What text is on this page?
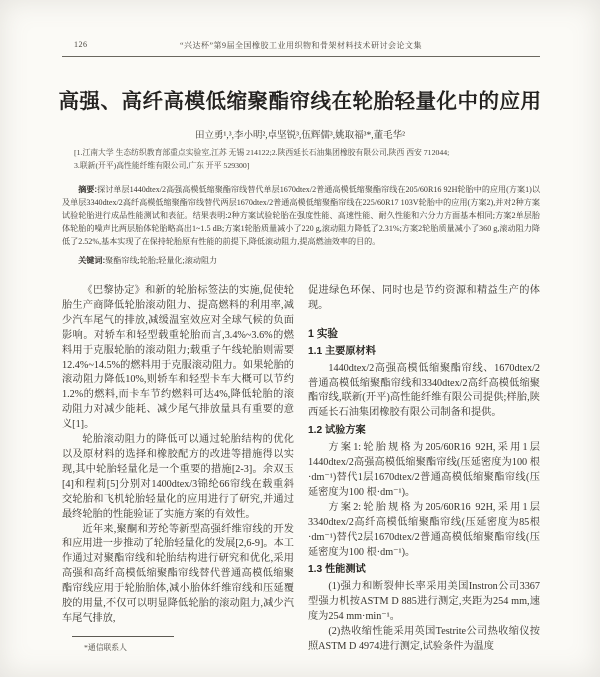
126	“兴达杯”第9届全国橡胶工业用织物和骨架材料技术研讨会论文集
高强、高纤高模低缩聚酯帘线在轮胎轻量化中的应用
田立勇¹,³,李小明²,卓坚锐³,伍辉儒³,姚取福³*,董毛华²
[1.江南大学 生态纺织教育部重点实验室,江苏 无锡 214122;2.陕西延长石油集团橡胶有限公司,陕西 西安 712044;
3.联新(开平)高性能纤维有限公司,广东 开平 529300]

摘要:探讨单层1440dtex/2高强高模低缩聚酯帘线替代单层1670dtex/2普通高模低缩聚酯帘线在205/60R16 92H轮胎中的应用(方案1)以及单层3340dtex/2高纤高模低缩聚酯帘线替代两层1670dtex/2普通高模低缩聚酯帘线在225/60R17 103V轮胎中的应用(方案2),并对2种方案试验轮胎进行成品性能测试和表征。结果表明:2种方案试验轮胎在强度性能、高速性能、耐久性能和六分力方面基本相同;方案2单层胎体轮胎的噪声比两层胎体轮胎略高出1~1.5 dB;方案1轮胎质量减小了220 g,滚动阻力降低了2.31%;方案2轮胎质量减小了360 g,滚动阻力降低了2.52%,基本实现了在保持轮胎原有性能的前提下,降低滚动阻力,提高燃油效率的目的。

关键词:聚酯帘线;轮胎;轻量化;滚动阻力

《巴黎协定》和新的轮胎标签法的实施,促使轮胎生产商降低轮胎滚动阻力、提高燃料的利用率,减少汽车尾气的排放,减缓温室效应对全球气候的负面影响。对轿车和轻型载重轮胎而言,3.4%~3.6%的燃料用于克服轮胎的滚动阻力;载重子午线轮胎则需要12.4%~14.5%的燃料用于克服滚动阻力。如果轮胎的滚动阻力降低10%,则轿车和轻型卡车大概可以节约1.2%的燃料,而卡车节约燃料可达4%,降低轮胎的滚动阻力对减少能耗、减少尾气排放量具有重要的意义[1]。

轮胎滚动阻力的降低可以通过轮胎结构的优化以及原材料的选择和橡胶配方的改进等措施得以实现,其中轮胎轻量化是一个重要的措施[2-3]。余双玉[4]和程莉[5]分别对1400dtex/3锦纶66帘线在载重斜交轮胎和飞机轮胎轻量化的应用进行了研究,并通过最终轮胎的性能验证了实施方案的有效性。

近年来,聚酮和芳纶等新型高强纤维帘线的开发和应用进一步推动了轮胎轻量化的发展[2,6-9]。本工作通过对聚酯帘线和轮胎结构进行研究和优化,采用高强和高纤高模低缩聚酯帘线替代普通高模低缩聚酯帘线应用于轮胎胎体,减小胎体纤维帘线和压延覆胶的用量,不仅可以明显降低轮胎的滚动阻力,减少汽车尾气排放,

*通信联系人

促进绿色环保、同时也是节约资源和精益生产的体现。

1 实验
1.1 主要原材料

1440dtex/2高强高模低缩聚酯帘线、1670dtex/2普通高模低缩聚酯帘线和3340dtex/2高纤高模低缩聚酯帘线,联新(开平)高性能纤维有限公司提供;样胎,陕西延长石油集团橡胶有限公司制备和提供。

1.2 试验方案

方案1:轮胎规格为205/60R16 92H,采用1层1440dtex/2高强高模低缩聚酯帘线(压延密度为100 根·dm⁻¹)替代1层1670dtex/2普通高模低缩聚酯帘线(压延密度为100 根·dm⁻¹)。

方案2:轮胎规格为205/60R16 92H,采用1层3340dtex/2高纤高模低缩聚酯帘线(压延密度为85根·dm⁻¹)替代2层1670dtex/2普通高模低缩聚酯帘线(压延密度为100 根·dm⁻¹)。

1.3 性能测试

(1)强力和断裂伸长率采用美国Instron公司3367型强力机按ASTM D 885进行测定,夹距为254 mm,速度为254 mm·min⁻¹。

(2)热收缩性能采用英国Testrite公司热收缩仪按照ASTM D 4974进行测定,试验条件为温度
